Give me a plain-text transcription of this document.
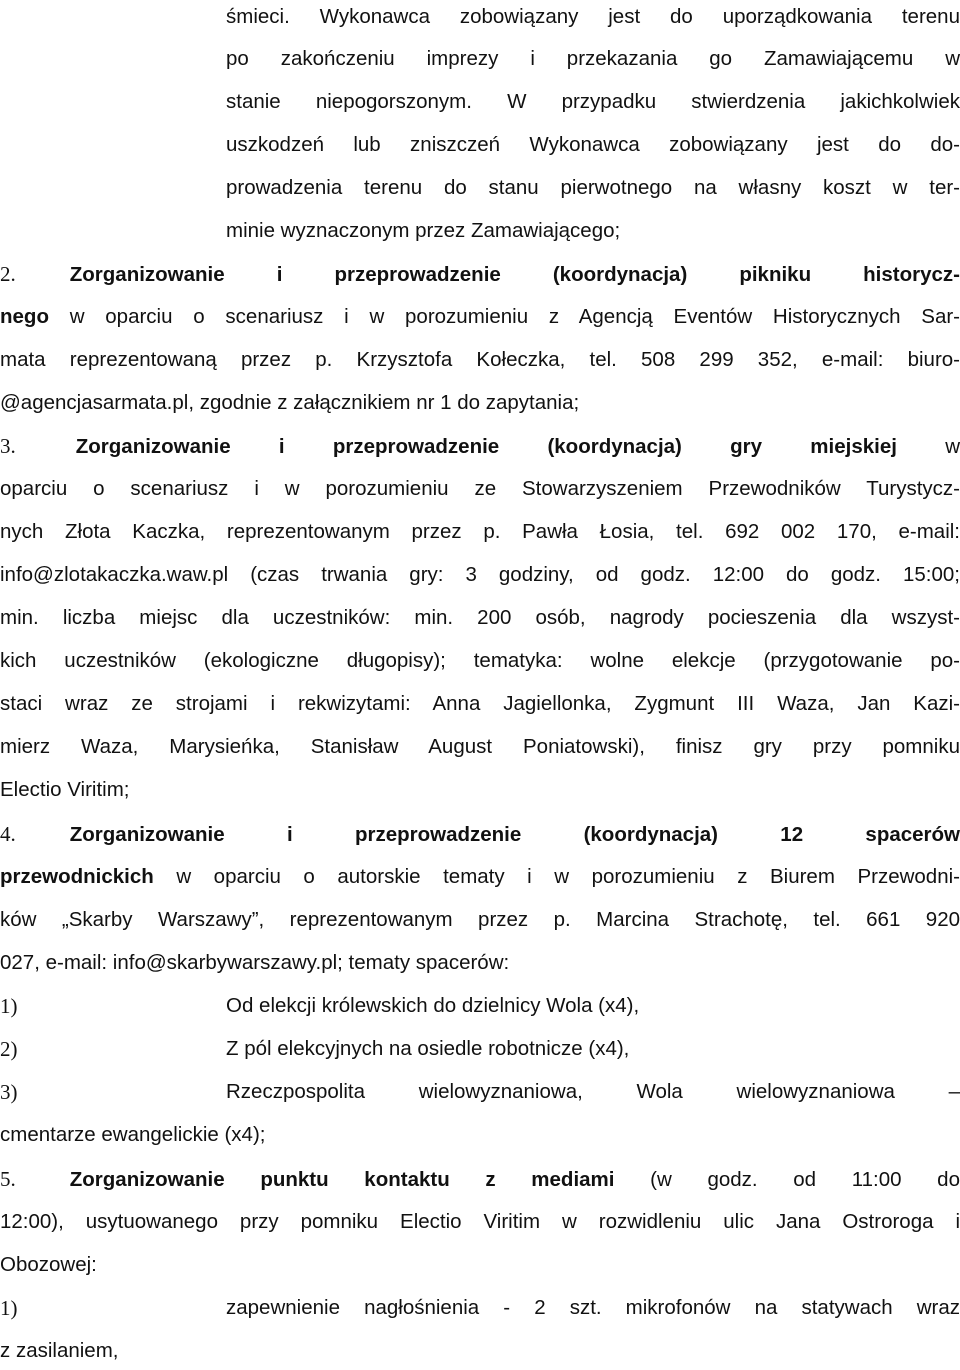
śmieci. Wykonawca zobowiązany jest do uporządkowania terenu
po zakończeniu imprezy i przekazania go Zamawiającemu w
stanie niepogorszonym. W przypadku stwierdzenia jakichkolwiek
uszkodzeń lub zniszczeń Wykonawca zobowiązany jest do do-
prowadzenia terenu do stanu pierwotnego na własny koszt w ter-
minie wyznaczonym przez Zamawiającego;
2.	Zorganizowanie i przeprowadzenie (koordynacja) pikniku historycz-
nego w oparciu o scenariusz i w porozumieniu z Agencją Eventów Historycznych Sar-
mata reprezentowaną przez p. Krzysztofa Kołeczka, tel. 508 299 352, e-mail: biuro-
@agencjasarmata.pl, zgodnie z załącznikiem nr 1 do zapytania;
3.	Zorganizowanie i przeprowadzenie (koordynacja) gry miejskiej w
oparciu o scenariusz i w porozumieniu ze Stowarzyszeniem Przewodników Turystycz-
nych Złota Kaczka, reprezentowanym przez p. Pawła Łosia, tel. 692 002 170, e-mail:
info@zlotakaczka.waw.pl (czas trwania gry: 3 godziny, od godz. 12:00 do godz. 15:00;
min. liczba miejsc dla uczestników: min. 200 osób, nagrody pocieszenia dla wszyst-
kich uczestników (ekologiczne długopisy); tematyka: wolne elekcje (przygotowanie po-
staci wraz ze strojami i rekwizytami: Anna Jagiellonka, Zygmunt III Waza, Jan Kazi-
mierz Waza, Marysieńka, Stanisław August Poniatowski), finisz gry przy pomniku
Electio Viritim;
4.	Zorganizowanie i przeprowadzenie (koordynacja) 12 spacerów
przewodnickich w oparciu o autorskie tematy i w porozumieniu z Biurem Przewodni-
ków „Skarby Warszawy”, reprezentowanym przez p. Marcina Strachotę, tel. 661 920
027, e-mail: info@skarbywarszawy.pl; tematy spacerów:
1)	Od elekcji królewskich do dzielnicy Wola (x4),
2)	Z pól elekcyjnych na osiedle robotnicze (x4),
3)	Rzeczpospolita wielowyznaniowa, Wola wielowyznaniowa –
cmentarze ewangelickie (x4);
5.	Zorganizowanie punktu kontaktu z mediami (w godz. od 11:00 do
12:00), usytuowanego przy pomniku Electio Viritim w rozwidleniu ulic Jana Ostroroga i
Obozowej:
1)	zapewnienie nagłośnienia - 2 szt. mikrofonów na statywach wraz
z zasilaniem,
